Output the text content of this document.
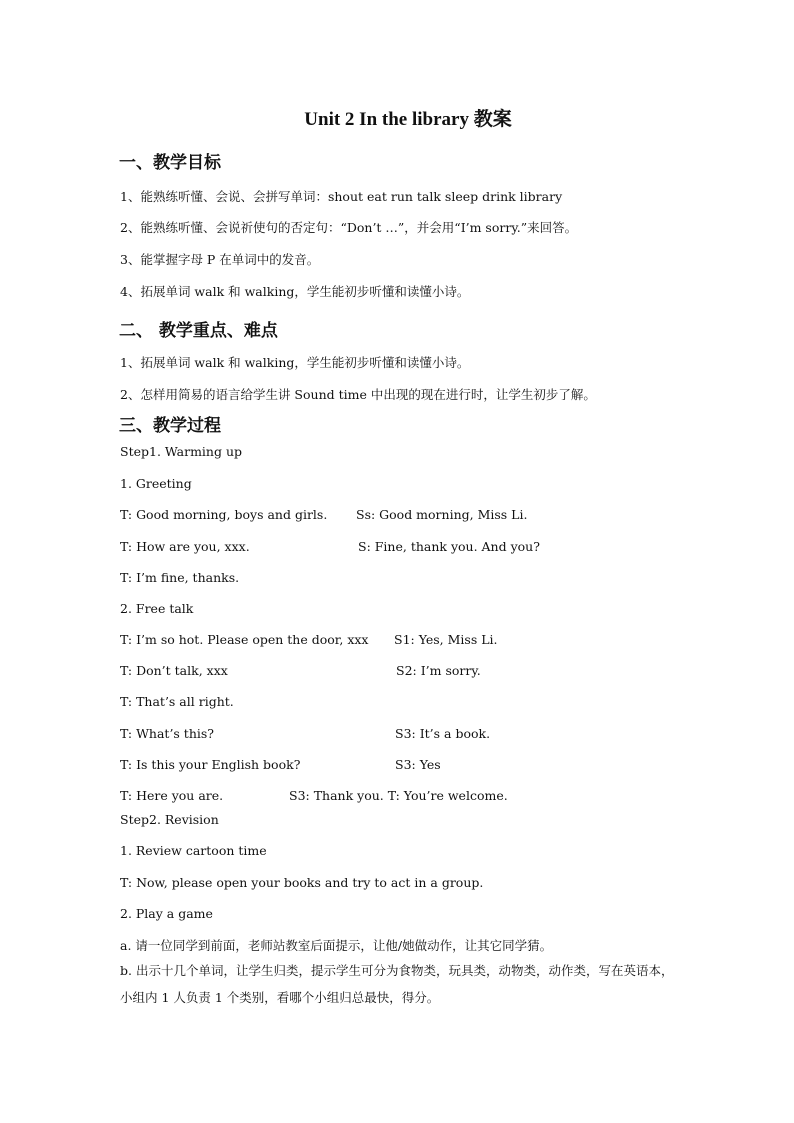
Unit 2 In the library 教案
一、教学目标
1、能熟练听懂、会说、会拼写单词：shout eat run talk sleep drink library
2、能熟练听懂、会说祈使句的否定句：“Don’t …”，并会用“I’m sorry.”来回答。
3、能掌握字母 P 在单词中的发音。
4、拓展单词 walk 和 walking，学生能初步听懂和读懂小诗。
二、 教学重点、难点
1、拓展单词 walk 和 walking，学生能初步听懂和读懂小诗。
2、怎样用简易的语言给学生讲 Sound time 中出现的现在进行时，让学生初步了解。
三、教学过程
Step1. Warming up
1. Greeting
T: Good morning, boys and girls. Ss: Good morning, Miss Li.
T: How are you, xxx.	S: Fine, thank you. And you?
T: I’m fine, thanks.
2. Free talk
T: I’m so hot. Please open the door, xxx S1: Yes, Miss Li.
T: Don’t talk, xxx	S2: I’m sorry.
T: That’s all right.
T: What’s this?	S3: It’s a book.
T: Is this your English book?	S3: Yes
T: Here you are.	S3: Thank you. T: You’re welcome.
Step2. Revision
1. Review cartoon time
T: Now, please open your books and try to act in a group.
2. Play a game
a. 请一位同学到前面，老师站教室后面提示，让他/她做动作，让其它同学猜。
b. 出示十几个单词，让学生归类，提示学生可分为食物类，玩具类，动物类，动作类，写在英语本，小组内 1 人负责 1 个类别，看哪个小组归总最快，得分。
